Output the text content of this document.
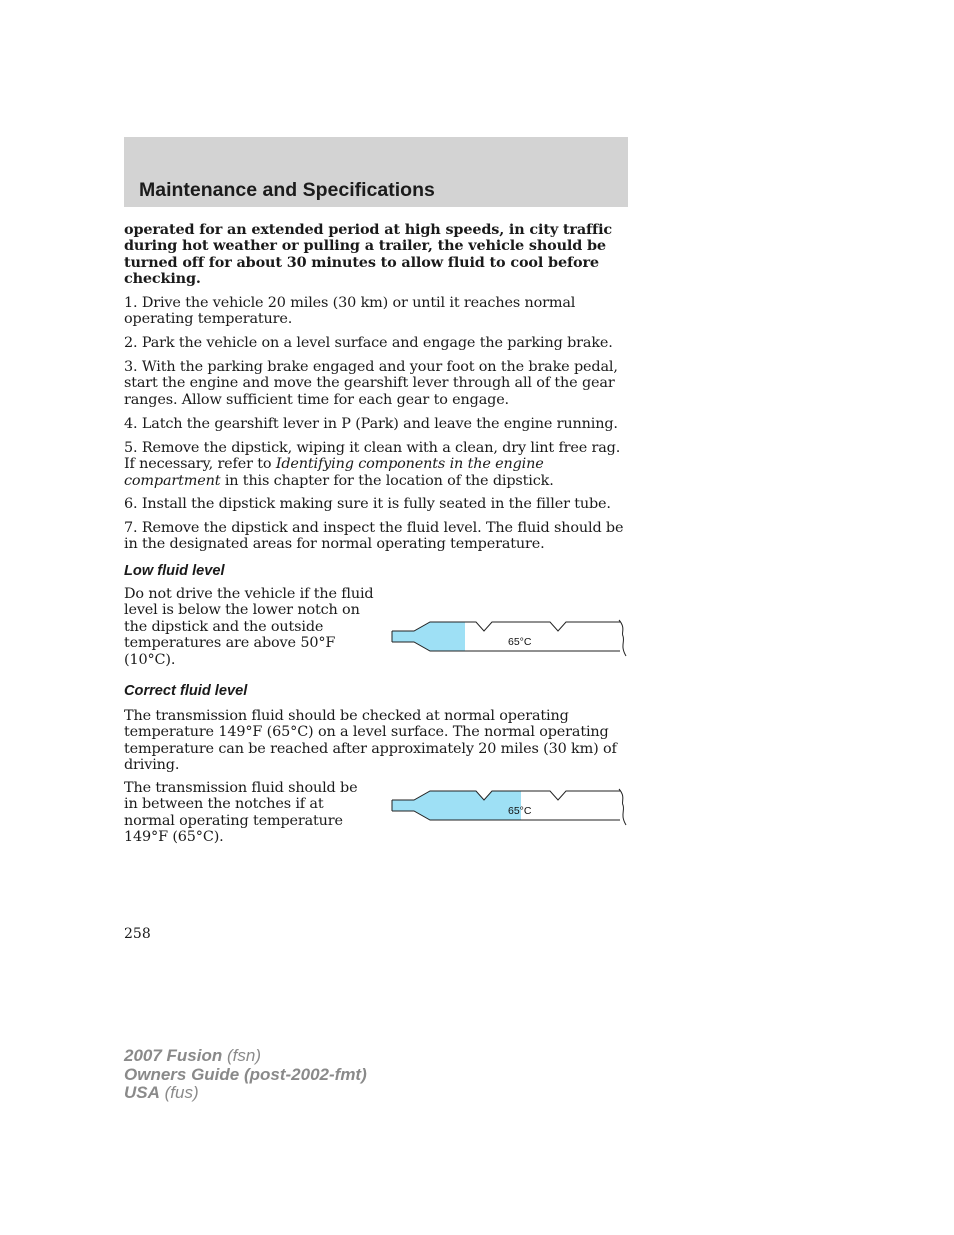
Maintenance and Specifications
operated for an extended period at high speeds, in city traffic during hot weather or pulling a trailer, the vehicle should be turned off for about 30 minutes to allow fluid to cool before checking.
1. Drive the vehicle 20 miles (30 km) or until it reaches normal operating temperature.
2. Park the vehicle on a level surface and engage the parking brake.
3. With the parking brake engaged and your foot on the brake pedal, start the engine and move the gearshift lever through all of the gear ranges. Allow sufficient time for each gear to engage.
4. Latch the gearshift lever in P (Park) and leave the engine running.
5. Remove the dipstick, wiping it clean with a clean, dry lint free rag. If necessary, refer to Identifying components in the engine compartment in this chapter for the location of the dipstick.
6. Install the dipstick making sure it is fully seated in the filler tube.
7. Remove the dipstick and inspect the fluid level. The fluid should be in the designated areas for normal operating temperature.
Low fluid level
Do not drive the vehicle if the fluid level is below the lower notch on the dipstick and the outside temperatures are above 50°F (10°C).
65°C
Correct fluid level
The transmission fluid should be checked at normal operating temperature 149°F (65°C) on a level surface. The normal operating temperature can be reached after approximately 20 miles (30 km) of driving.
The transmission fluid should be in between the notches if at normal operating temperature 149°F (65°C).
65°C
258
2007 Fusion (fsn)
Owners Guide (post-2002-fmt)
USA (fus)
